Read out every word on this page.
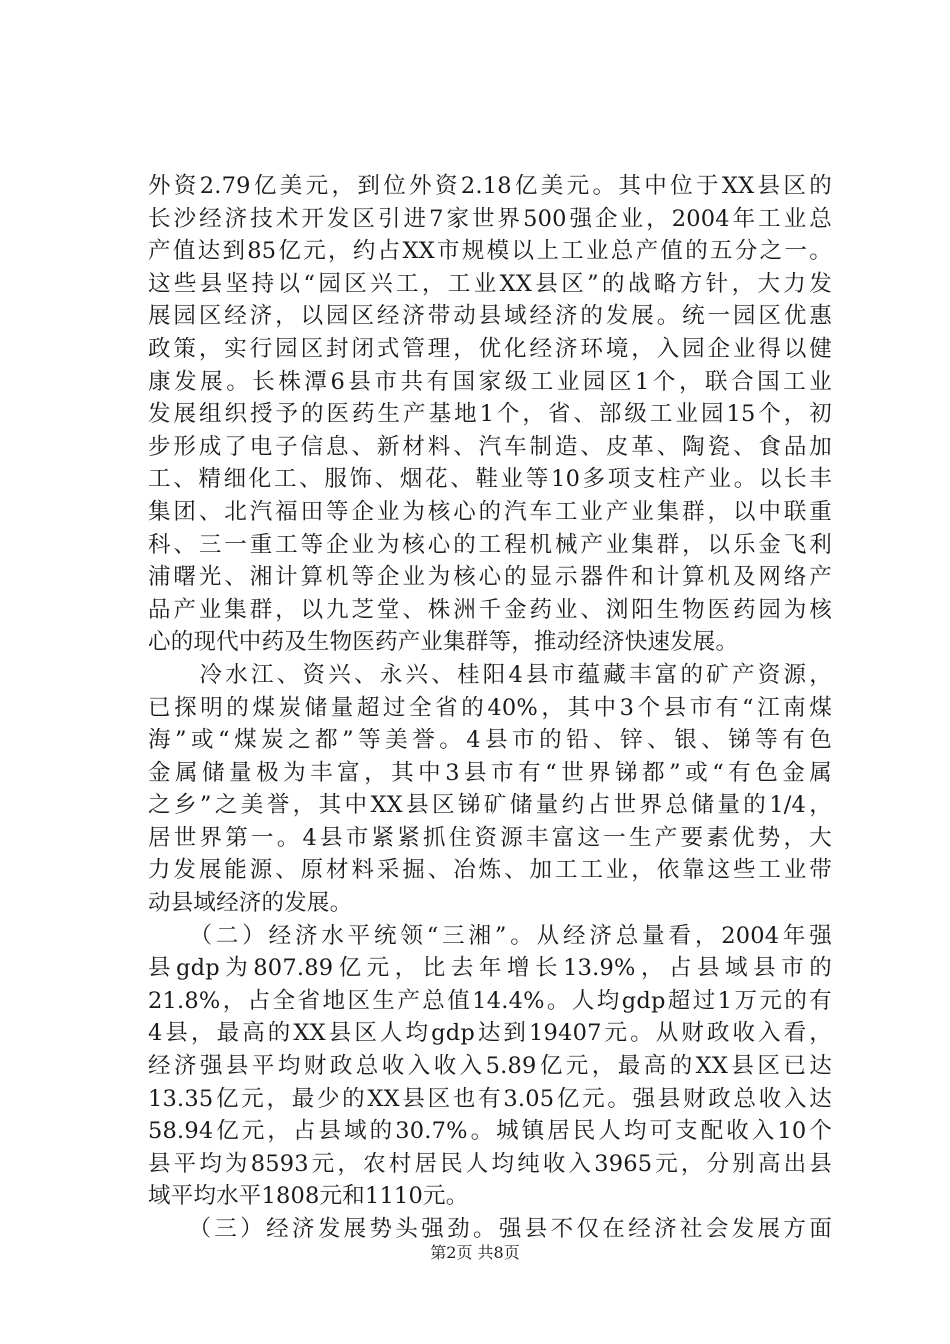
外资2.79亿美元，到位外资2.18亿美元。其中位于XX县区的
长沙经济技术开发区引进7家世界500强企业，2004年工业总
产值达到85亿元，约占XX市规模以上工业总产值的五分之一。
这些县坚持以“园区兴工，工业XX县区”的战略方针，大力发
展园区经济，以园区经济带动县域经济的发展。统一园区优惠
政策，实行园区封闭式管理，优化经济环境，入园企业得以健
康发展。长株潭6县市共有国家级工业园区1个，联合国工业
发展组织授予的医药生产基地1个，省、部级工业园15个，初
步形成了电子信息、新材料、汽车制造、皮革、陶瓷、食品加
工、精细化工、服饰、烟花、鞋业等10多项支柱产业。以长丰
集团、北汽福田等企业为核心的汽车工业产业集群，以中联重
科、三一重工等企业为核心的工程机械产业集群，以乐金飞利
浦曙光、湘计算机等企业为核心的显示器件和计算机及网络产
品产业集群，以九芝堂、株洲千金药业、浏阳生物医药园为核
心的现代中药及生物医药产业集群等，推动经济快速发展。
　　冷水江、资兴、永兴、桂阳4县市蕴藏丰富的矿产资源，
已探明的煤炭储量超过全省的40%，其中3个县市有“江南煤
海”或“煤炭之都”等美誉。4县市的铅、锌、银、锑等有色
金属储量极为丰富，其中3县市有“世界锑都”或“有色金属
之乡”之美誉，其中XX县区锑矿储量约占世界总储量的1/4，
居世界第一。4县市紧紧抓住资源丰富这一生产要素优势，大
力发展能源、原材料采掘、冶炼、加工工业，依靠这些工业带
动县域经济的发展。
　　（二）经济水平统领“三湘”。从经济总量看，2004年强
县gdp为807.89亿元，比去年增长13.9%，占县域县市的
21.8%，占全省地区生产总值14.4%。人均gdp超过1万元的有
4县，最高的XX县区人均gdp达到19407元。从财政收入看，
经济强县平均财政总收入收入5.89亿元，最高的XX县区已达
13.35亿元，最少的XX县区也有3.05亿元。强县财政总收入达
58.94亿元，占县域的30.7%。城镇居民人均可支配收入10个
县平均为8593元，农村居民人均纯收入3965元，分别高出县
域平均水平1808元和1110元。
　　（三）经济发展势头强劲。强县不仅在经济社会发展方面
第2页 共8页
